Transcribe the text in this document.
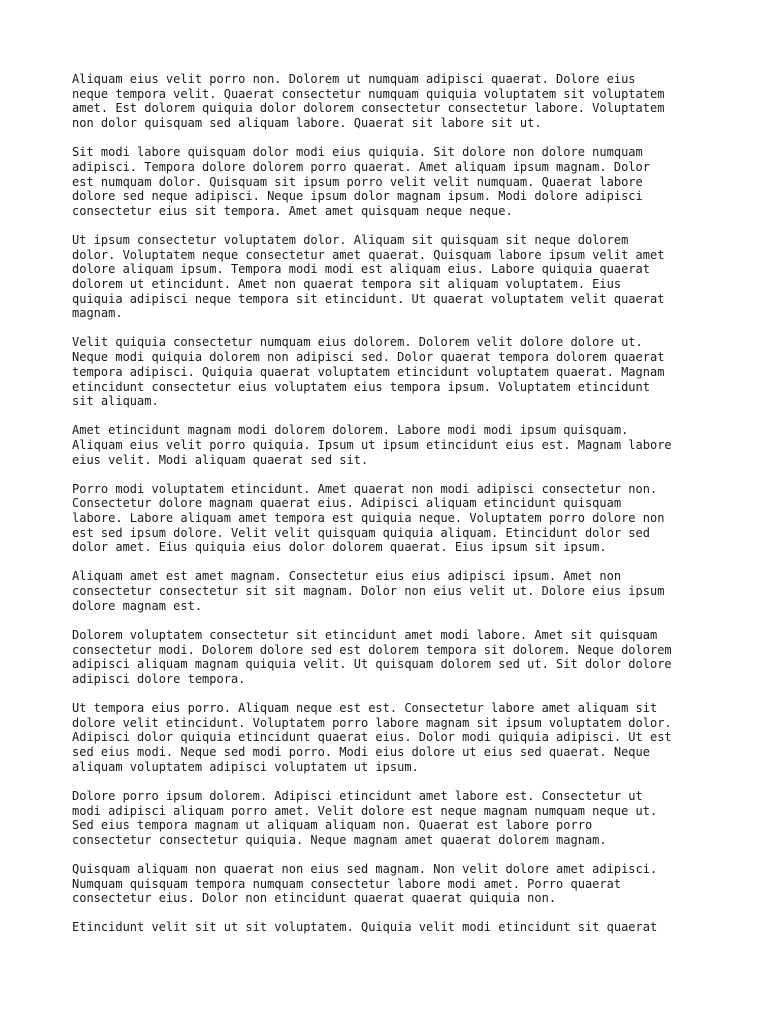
Aliquam eius velit porro non. Dolorem ut numquam adipisci quaerat. Dolore eius
neque tempora velit. Quaerat consectetur numquam quiquia voluptatem sit voluptatem
amet. Est dolorem quiquia dolor dolorem consectetur consectetur labore. Voluptatem
non dolor quisquam sed aliquam labore. Quaerat sit labore sit ut.

Sit modi labore quisquam dolor modi eius quiquia. Sit dolore non dolore numquam
adipisci. Tempora dolore dolorem porro quaerat. Amet aliquam ipsum magnam. Dolor
est numquam dolor. Quisquam sit ipsum porro velit velit numquam. Quaerat labore
dolore sed neque adipisci. Neque ipsum dolor magnam ipsum. Modi dolore adipisci
consectetur eius sit tempora. Amet amet quisquam neque neque.

Ut ipsum consectetur voluptatem dolor. Aliquam sit quisquam sit neque dolorem
dolor. Voluptatem neque consectetur amet quaerat. Quisquam labore ipsum velit amet
dolore aliquam ipsum. Tempora modi modi est aliquam eius. Labore quiquia quaerat
dolorem ut etincidunt. Amet non quaerat tempora sit aliquam voluptatem. Eius
quiquia adipisci neque tempora sit etincidunt. Ut quaerat voluptatem velit quaerat
magnam.

Velit quiquia consectetur numquam eius dolorem. Dolorem velit dolore dolore ut.
Neque modi quiquia dolorem non adipisci sed. Dolor quaerat tempora dolorem quaerat
tempora adipisci. Quiquia quaerat voluptatem etincidunt voluptatem quaerat. Magnam
etincidunt consectetur eius voluptatem eius tempora ipsum. Voluptatem etincidunt
sit aliquam.

Amet etincidunt magnam modi dolorem dolorem. Labore modi modi ipsum quisquam.
Aliquam eius velit porro quiquia. Ipsum ut ipsum etincidunt eius est. Magnam labore
eius velit. Modi aliquam quaerat sed sit.

Porro modi voluptatem etincidunt. Amet quaerat non modi adipisci consectetur non.
Consectetur dolore magnam quaerat eius. Adipisci aliquam etincidunt quisquam
labore. Labore aliquam amet tempora est quiquia neque. Voluptatem porro dolore non
est sed ipsum dolore. Velit velit quisquam quiquia aliquam. Etincidunt dolor sed
dolor amet. Eius quiquia eius dolor dolorem quaerat. Eius ipsum sit ipsum.

Aliquam amet est amet magnam. Consectetur eius eius adipisci ipsum. Amet non
consectetur consectetur sit sit magnam. Dolor non eius velit ut. Dolore eius ipsum
dolore magnam est.

Dolorem voluptatem consectetur sit etincidunt amet modi labore. Amet sit quisquam
consectetur modi. Dolorem dolore sed est dolorem tempora sit dolorem. Neque dolorem
adipisci aliquam magnam quiquia velit. Ut quisquam dolorem sed ut. Sit dolor dolore
adipisci dolore tempora.

Ut tempora eius porro. Aliquam neque est est. Consectetur labore amet aliquam sit
dolore velit etincidunt. Voluptatem porro labore magnam sit ipsum voluptatem dolor.
Adipisci dolor quiquia etincidunt quaerat eius. Dolor modi quiquia adipisci. Ut est
sed eius modi. Neque sed modi porro. Modi eius dolore ut eius sed quaerat. Neque
aliquam voluptatem adipisci voluptatem ut ipsum.

Dolore porro ipsum dolorem. Adipisci etincidunt amet labore est. Consectetur ut
modi adipisci aliquam porro amet. Velit dolore est neque magnam numquam neque ut.
Sed eius tempora magnam ut aliquam aliquam non. Quaerat est labore porro
consectetur consectetur quiquia. Neque magnam amet quaerat dolorem magnam.

Quisquam aliquam non quaerat non eius sed magnam. Non velit dolore amet adipisci.
Numquam quisquam tempora numquam consectetur labore modi amet. Porro quaerat
consectetur eius. Dolor non etincidunt quaerat quaerat quiquia non.

Etincidunt velit sit ut sit voluptatem. Quiquia velit modi etincidunt sit quaerat
